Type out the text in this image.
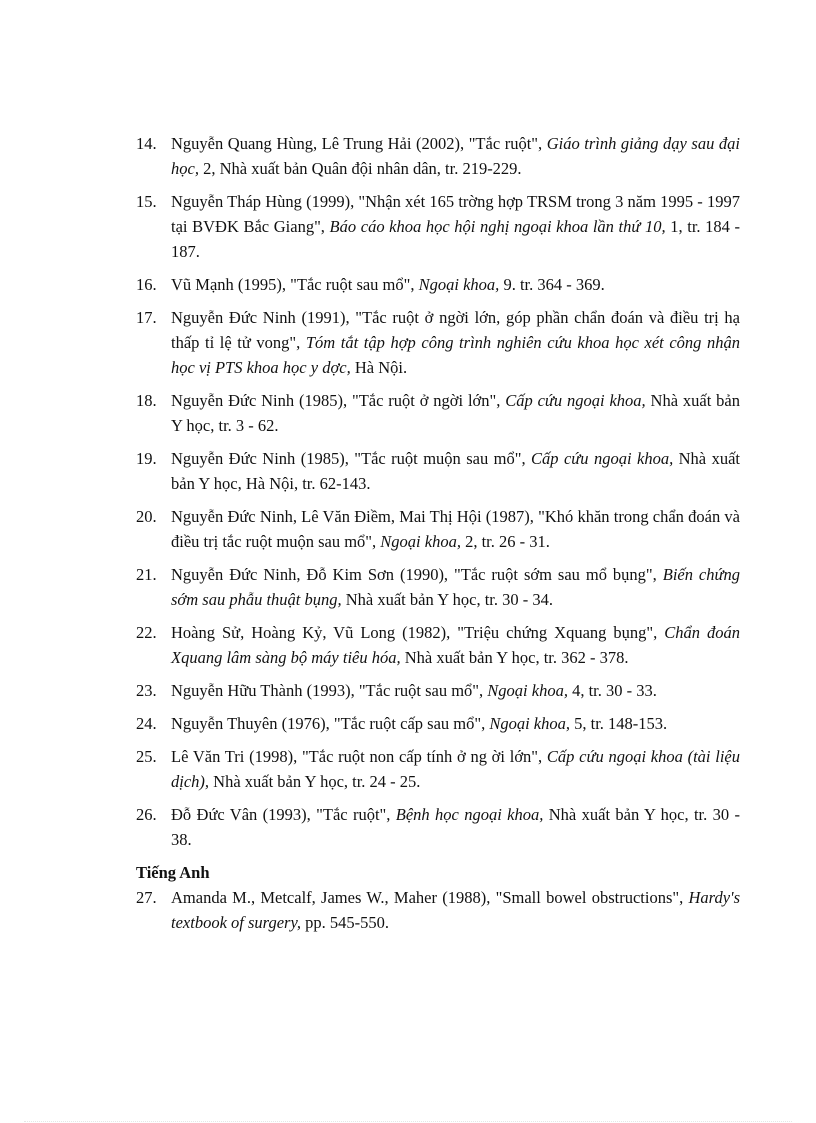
14. Nguyễn Quang Hùng, Lê Trung Hải (2002), "Tắc ruột", Giáo trình giảng dạy sau đại học, 2, Nhà xuất bản Quân đội nhân dân, tr. 219-229.
15. Nguyễn Tháp Hùng (1999), "Nhận xét 165 trờng hợp TRSM trong 3 năm 1995 - 1997 tại BVĐK Bắc Giang", Báo cáo khoa học hội nghị ngoại khoa lần thứ 10, 1, tr. 184 - 187.
16. Vũ Mạnh (1995), "Tắc ruột sau mổ", Ngoại khoa, 9. tr. 364 - 369.
17. Nguyễn Đức Ninh (1991), "Tắc ruột ở ngời lớn, góp phần chẩn đoán và điều trị hạ thấp tỉ lệ tử vong", Tóm tắt tập hợp công trình nghiên cứu khoa học xét công nhận học vị PTS khoa học y dợc, Hà Nội.
18. Nguyễn Đức Ninh (1985), "Tắc ruột ở ngời lớn", Cấp cứu ngoại khoa, Nhà xuất bản Y học, tr. 3 - 62.
19. Nguyễn Đức Ninh (1985), "Tắc ruột muộn sau mổ", Cấp cứu ngoại khoa, Nhà xuất bản Y học, Hà Nội, tr. 62-143.
20. Nguyễn Đức Ninh, Lê Văn Điềm, Mai Thị Hội (1987), "Khó khăn trong chẩn đoán và điều trị tắc ruột muộn sau mổ", Ngoại khoa, 2, tr. 26 - 31.
21. Nguyễn Đức Ninh, Đỗ Kim Sơn (1990), "Tắc ruột sớm sau mổ bụng", Biến chứng sớm sau phẫu thuật bụng, Nhà xuất bản Y học, tr. 30 - 34.
22. Hoàng Sử, Hoàng Kỷ, Vũ Long (1982), "Triệu chứng Xquang bụng", Chẩn đoán Xquang lâm sàng bộ máy tiêu hóa, Nhà xuất bản Y học, tr. 362 - 378.
23. Nguyễn Hữu Thành (1993), "Tắc ruột sau mổ", Ngoại khoa, 4, tr. 30 - 33.
24. Nguyễn Thuyên (1976), "Tắc ruột cấp sau mổ", Ngoại khoa, 5, tr. 148-153.
25. Lê Văn Tri (1998), "Tắc ruột non cấp tính ở ng ời lớn", Cấp cứu ngoại khoa (tài liệu dịch), Nhà xuất bản Y học, tr. 24 - 25.
26. Đỗ Đức Vân (1993), "Tắc ruột", Bệnh học ngoại khoa, Nhà xuất bản Y học, tr. 30 - 38.
Tiếng Anh
27. Amanda M., Metcalf, James W., Maher (1988), "Small bowel obstructions", Hardy's textbook of surgery, pp. 545-550.
